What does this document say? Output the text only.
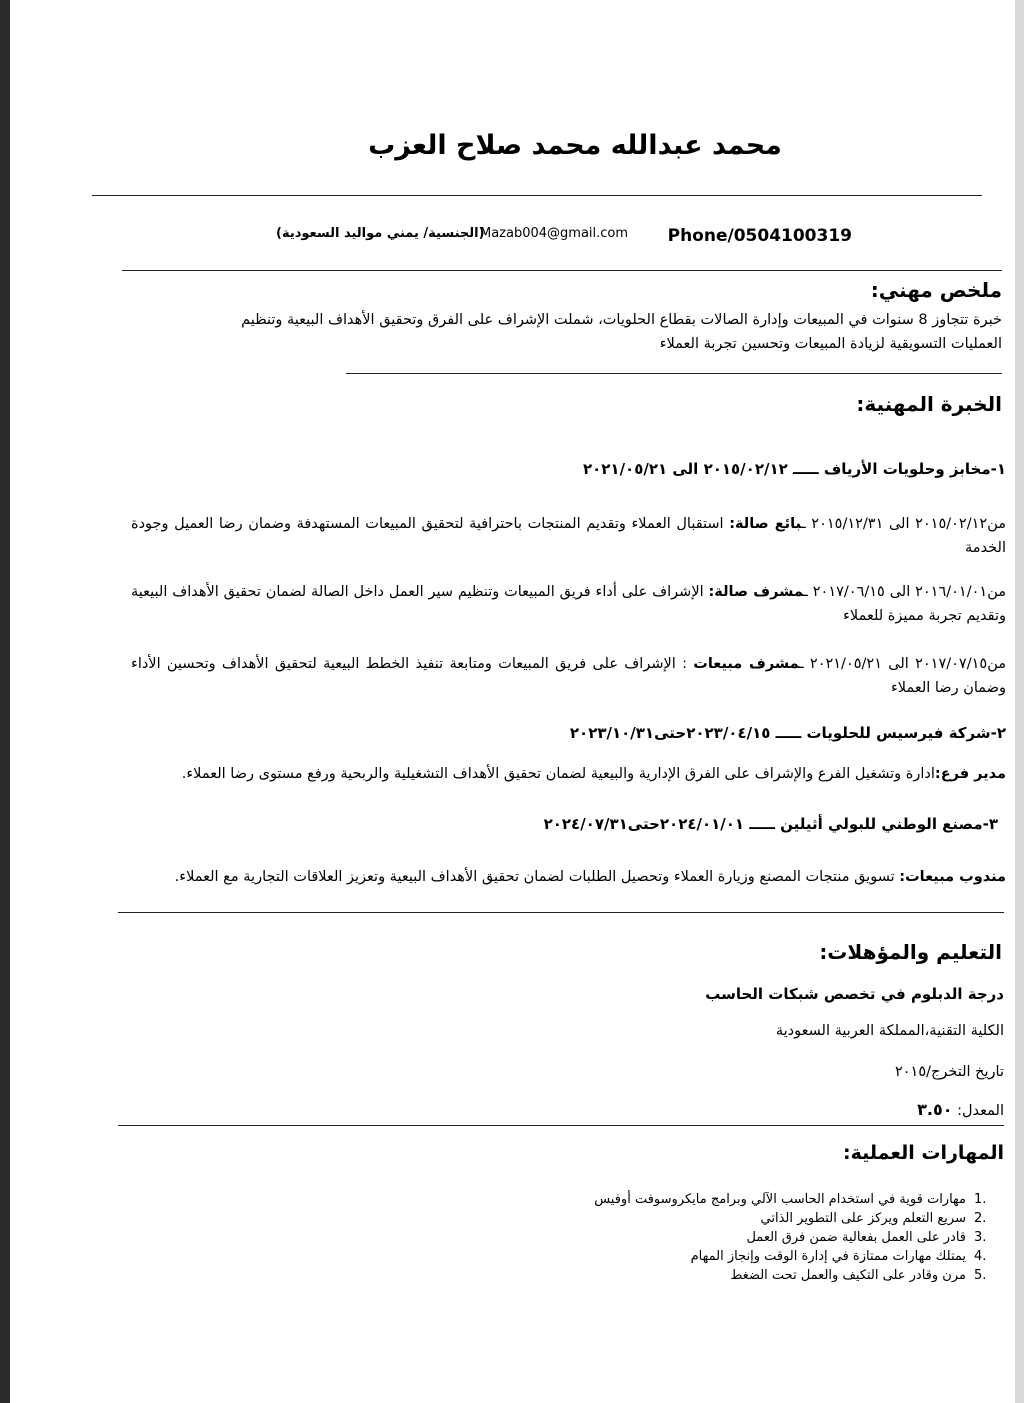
محمد عبدالله محمد صلاح العزب
Phone/0504100319
Mazab004@gmail.com
(الجنسية/ يمني مواليد السعودية)
ملخص مهني:
خبرة تتجاوز 8 سنوات في المبيعات وإدارة الصالات بقطاع الحلويات، شملت الإشراف على الفرق وتحقيق الأهداف البيعية وتنظيم
العمليات التسويقية لزيادة المبيعات وتحسين تجربة العملاء
الخبرة المهنية:
١-مخابز وحلويات الأرياف ـــــ ٢٠١٥/٠٢/١٢ الى ٢٠٢١/٠٥/٢١
من٢٠١٥/٠٢/١٢ الى ٢٠١٥/١٢/٣١ ـبائع صالة: استقبال العملاء وتقديم المنتجات باحترافية لتحقيق المبيعات المستهدفة وضمان رضا العميل وجودة الخدمة
من٢٠١٦/٠١/٠١ الى ٢٠١٧/٠٦/١٥ ـمشرف صالة: الإشراف على أداء فريق المبيعات وتنظيم سير العمل داخل الصالة لضمان تحقيق الأهداف البيعية وتقديم تجربة مميزة للعملاء
من٢٠١٧/٠٧/١٥ الى ٢٠٢١/٠٥/٢١ ـمشرف مبيعات : الإشراف على فريق المبيعات ومتابعة تنفيذ الخطط البيعية لتحقيق الأهداف وتحسين الأداء وضمان رضا العملاء
٢-شركة فيرسيس للحلويات ـــــ ٢٠٢٣/٠٤/١٥حتى٢٠٢٣/١٠/٣١
مدير فرع:ادارة وتشغيل الفرع والإشراف على الفرق الإدارية والبيعية لضمان تحقيق الأهداف التشغيلية والربحية ورفع مستوى رضا العملاء.
٣-مصنع الوطني للبولي أثيلين ـــــ ٢٠٢٤/٠١/٠١حتى٢٠٢٤/٠٧/٣١
مندوب مبيعات: تسويق منتجات المصنع وزيارة العملاء وتحصيل الطلبات لضمان تحقيق الأهداف البيعية وتعزيز العلاقات التجارية مع العملاء.
التعليم والمؤهلات:
درجة الدبلوم في تخصص شبكات الحاسب
الكلية التقنية،المملكة العربية السعودية
تاريخ التخرج/٢٠١٥
المعدل: ٣.٥٠
المهارات العملية:
مهارات قوية في استخدام الحاسب الآلي وبرامج مايكروسوفت أوفيس 1.
سريع التعلم ويركز على التطوير الذاتي 2.
قادر على العمل بفعالية ضمن فرق العمل 3.
يمتلك مهارات ممتازة في إدارة الوقت وإنجاز المهام 4.
مرن وقادر على التكيف والعمل تحت الضغط 5.
